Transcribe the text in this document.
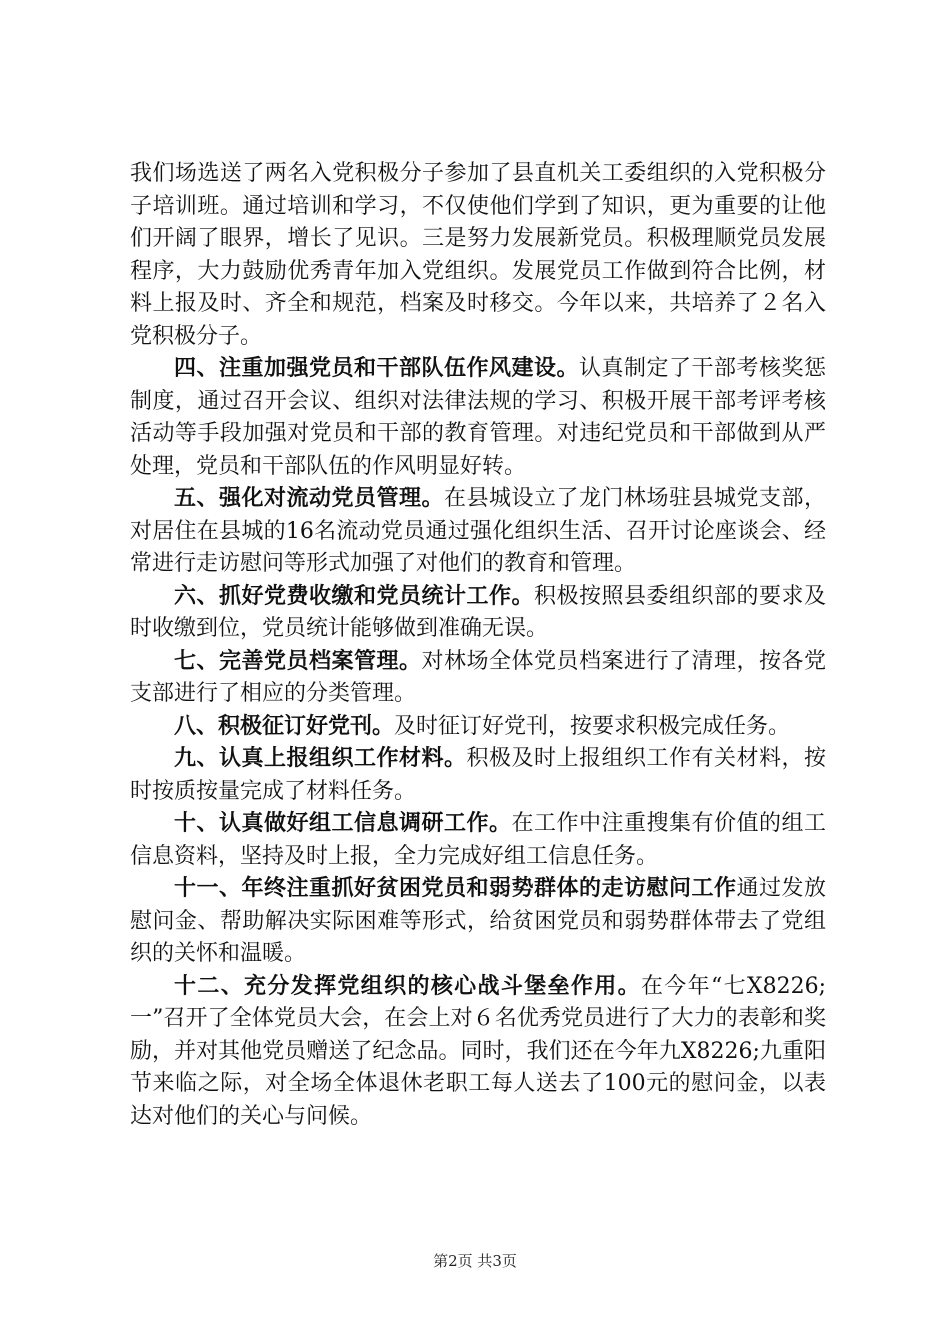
我们场选送了两名入党积极分子参加了县直机关工委组织的入党积极分子培训班。通过培训和学习，不仅使他们学到了知识，更为重要的让他们开阔了眼界，增长了见识。三是努力发展新党员。积极理顺党员发展程序，大力鼓励优秀青年加入党组织。发展党员工作做到符合比例，材料上报及时、齐全和规范，档案及时移交。今年以来，共培养了２名入党积极分子。

四、注重加强党员和干部队伍作风建设。认真制定了干部考核奖惩制度，通过召开会议、组织对法律法规的学习、积极开展干部考评考核活动等手段加强对党员和干部的教育管理。对违纪党员和干部做到从严处理，党员和干部队伍的作风明显好转。

五、强化对流动党员管理。在县城设立了龙门林场驻县城党支部，对居住在县城的16名流动党员通过强化组织生活、召开讨论座谈会、经常进行走访慰问等形式加强了对他们的教育和管理。

六、抓好党费收缴和党员统计工作。积极按照县委组织部的要求及时收缴到位，党员统计能够做到准确无误。

七、完善党员档案管理。对林场全体党员档案进行了清理，按各党支部进行了相应的分类管理。

八、积极征订好党刊。及时征订好党刊，按要求积极完成任务。

九、认真上报组织工作材料。积极及时上报组织工作有关材料，按时按质按量完成了材料任务。

十、认真做好组工信息调研工作。在工作中注重搜集有价值的组工信息资料，坚持及时上报，全力完成好组工信息任务。

十一、年终注重抓好贫困党员和弱势群体的走访慰问工作通过发放慰问金、帮助解决实际困难等形式，给贫困党员和弱势群体带去了党组织的关怀和温暖。

十二、充分发挥党组织的核心战斗堡垒作用。在今年“七X8226;一”召开了全体党员大会，在会上对６名优秀党员进行了大力的表彰和奖励，并对其他党员赠送了纪念品。同时，我们还在今年九X8226;九重阳节来临之际，对全场全体退休老职工每人送去了100元的慰问金，以表达对他们的关心与问候。

第2页 共3页
